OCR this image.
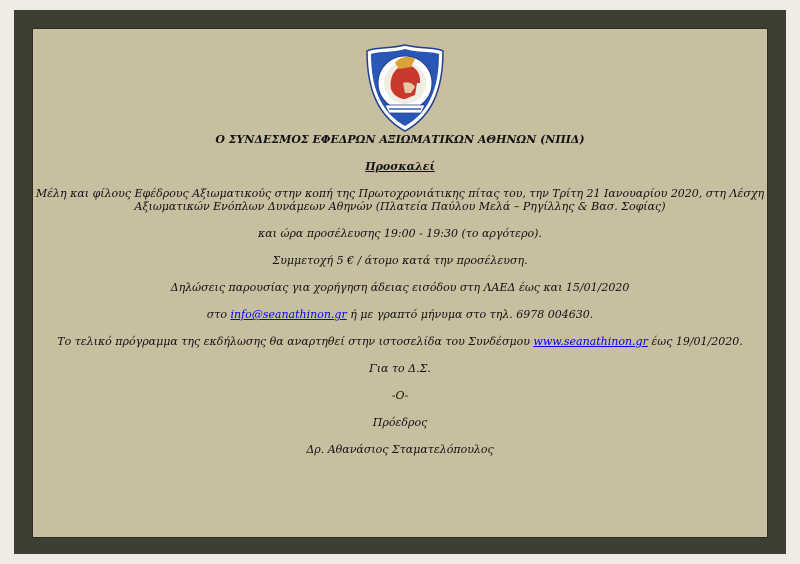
Ο ΣΥΝΔΕΣΜΟΣ ΕΦΕΔΡΩΝ ΑΞΙΩΜΑΤΙΚΩΝ ΑΘΗΝΩΝ (ΝΠΙΔ)

Προσκαλεί

Μέλη και φίλους Εφέδρους Αξιωματικούς στην κοπή της Πρωτοχρονιάτικης πίτας του, την Τρίτη 21 Ιανουαρίου 2020, στη Λέσχη

Αξιωματικών Ενόπλων Δυνάμεων Αθηνών (Πλατεία Παύλου Μελά – Ρηγίλλης & Βασ. Σοφίας)

και ώρα προσέλευσης 19:00 - 19:30 (το αργότερο).

Συμμετοχή 5 € / άτομο κατά την προσέλευση.

Δηλώσεις παρουσίας για χορήγηση άδειας εισόδου στη ΛΑΕΔ έως και 15/01/2020

στο info@seanathinon.gr ή με γραπτό μήνυμα στο τηλ. 6978 004630.

Το τελικό πρόγραμμα της εκδήλωσης θα αναρτηθεί στην ιστοσελίδα του Συνδέσμου www.seanathinon.gr έως 19/01/2020.

Για το Δ.Σ.

-Ο-

Πρόεδρος

Δρ. Αθανάσιος Σταματελόπουλος
